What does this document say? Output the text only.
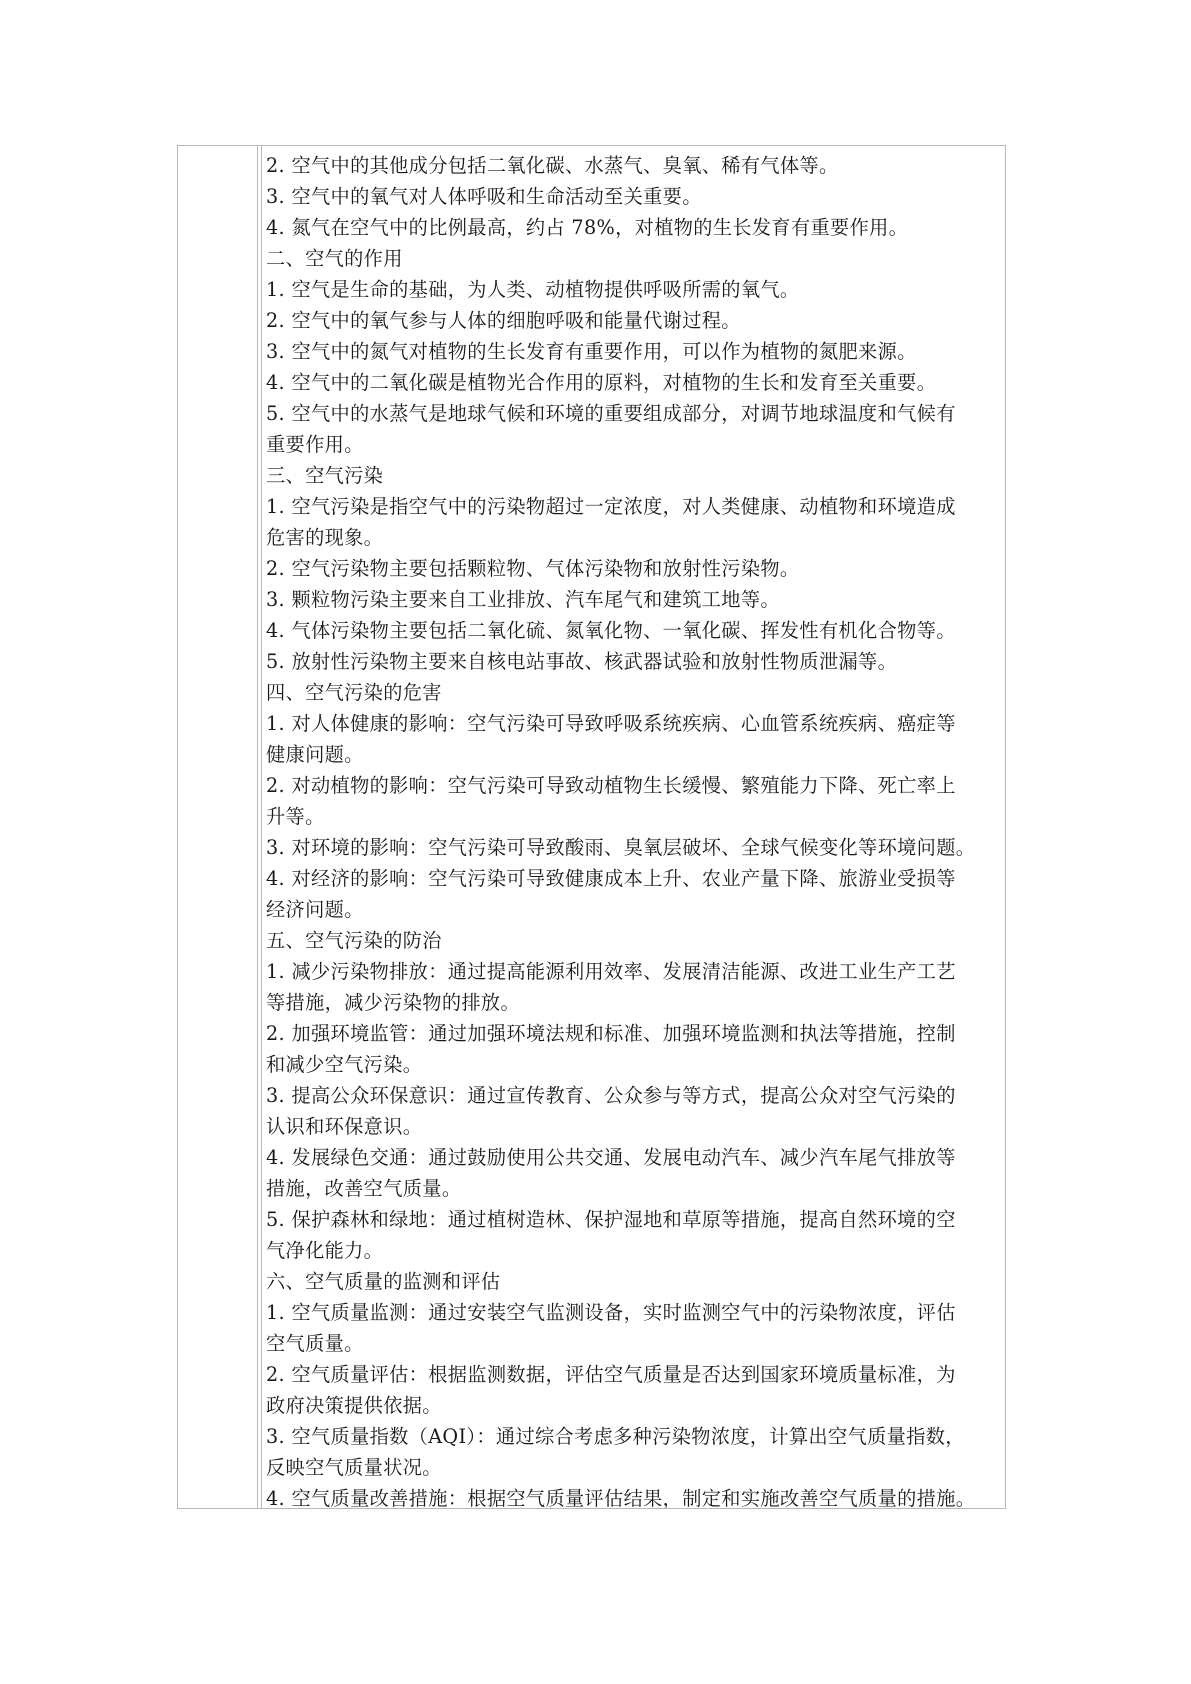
2. 空气中的其他成分包括二氧化碳、水蒸气、臭氧、稀有气体等。
3. 空气中的氧气对人体呼吸和生命活动至关重要。
4. 氮气在空气中的比例最高，约占 78%，对植物的生长发育有重要作用。
二、空气的作用
1. 空气是生命的基础，为人类、动植物提供呼吸所需的氧气。
2. 空气中的氧气参与人体的细胞呼吸和能量代谢过程。
3. 空气中的氮气对植物的生长发育有重要作用，可以作为植物的氮肥来源。
4. 空气中的二氧化碳是植物光合作用的原料，对植物的生长和发育至关重要。
5. 空气中的水蒸气是地球气候和环境的重要组成部分，对调节地球温度和气候有
重要作用。
三、空气污染
1. 空气污染是指空气中的污染物超过一定浓度，对人类健康、动植物和环境造成
危害的现象。
2. 空气污染物主要包括颗粒物、气体污染物和放射性污染物。
3. 颗粒物污染主要来自工业排放、汽车尾气和建筑工地等。
4. 气体污染物主要包括二氧化硫、氮氧化物、一氧化碳、挥发性有机化合物等。
5. 放射性污染物主要来自核电站事故、核武器试验和放射性物质泄漏等。
四、空气污染的危害
1. 对人体健康的影响：空气污染可导致呼吸系统疾病、心血管系统疾病、癌症等
健康问题。
2. 对动植物的影响：空气污染可导致动植物生长缓慢、繁殖能力下降、死亡率上
升等。
3. 对环境的影响：空气污染可导致酸雨、臭氧层破坏、全球气候变化等环境问题。
4. 对经济的影响：空气污染可导致健康成本上升、农业产量下降、旅游业受损等
经济问题。
五、空气污染的防治
1. 减少污染物排放：通过提高能源利用效率、发展清洁能源、改进工业生产工艺
等措施，减少污染物的排放。
2. 加强环境监管：通过加强环境法规和标准、加强环境监测和执法等措施，控制
和减少空气污染。
3. 提高公众环保意识：通过宣传教育、公众参与等方式，提高公众对空气污染的
认识和环保意识。
4. 发展绿色交通：通过鼓励使用公共交通、发展电动汽车、减少汽车尾气排放等
措施，改善空气质量。
5. 保护森林和绿地：通过植树造林、保护湿地和草原等措施，提高自然环境的空
气净化能力。
六、空气质量的监测和评估
1. 空气质量监测：通过安装空气监测设备，实时监测空气中的污染物浓度，评估
空气质量。
2. 空气质量评估：根据监测数据，评估空气质量是否达到国家环境质量标准，为
政府决策提供依据。
3. 空气质量指数（AQI）：通过综合考虑多种污染物浓度，计算出空气质量指数，
反映空气质量状况。
4. 空气质量改善措施：根据空气质量评估结果，制定和实施改善空气质量的措施。
